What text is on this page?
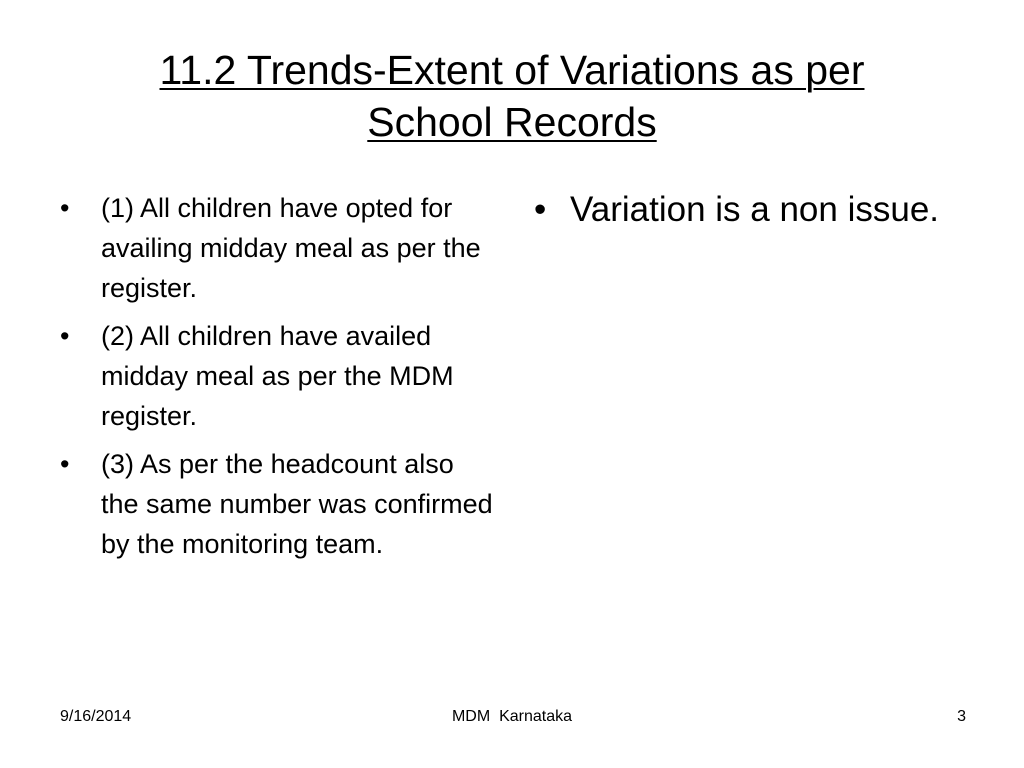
11.2 Trends-Extent of Variations as per
School Records
• (1) All children have opted for availing midday meal as per the register.
• (2) All children have availed midday meal as per the MDM register.
• (3) As per the headcount also the same number was confirmed by the monitoring team.
• Variation is a non issue.
9/16/2014	MDM  Karnataka	3
